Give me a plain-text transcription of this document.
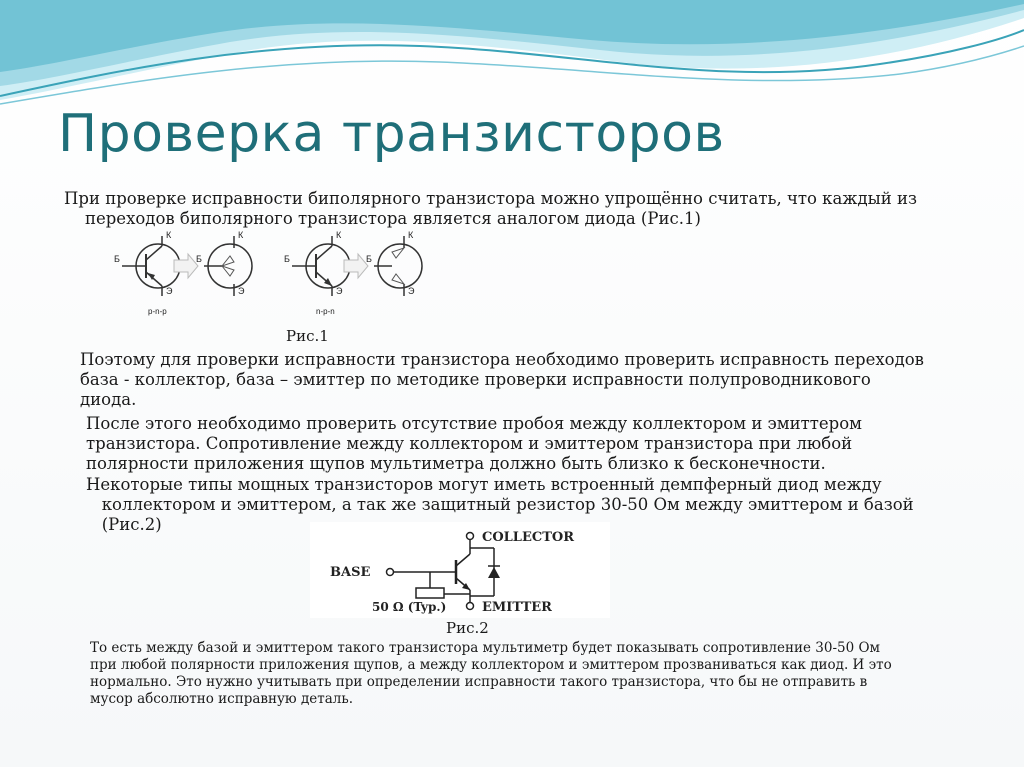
Проверка транзисторов

При проверке исправности биполярного транзистора можно упрощённо считать, что каждый из
переходов биполярного транзистора является аналогом диода (Рис.1)

Б
К
Э
p-n-p
Б
К
Э
Б
К
Э
n-p-n
Б
К
Э

Рис.1

Поэтому для проверки исправности транзистора необходимо проверить исправность переходов
база - коллектор, база – эмиттер по методике проверки исправности полупроводникового
диода.

После этого необходимо проверить отсутствие пробоя между коллектором и эмиттером
транзистора. Сопротивление между коллектором и эмиттером транзистора при любой
полярности приложения щупов мультиметра должно быть близко к бесконечности.

Некоторые типы мощных транзисторов могут иметь встроенный демпферный диод между
коллектором и эмиттером, а так же защитный резистор 30-50 Ом между эмиттером и базой
(Рис.2)

COLLECTOR
BASE
EMITTER
50 Ω (Typ.)

Рис.2

То есть между базой и эмиттером такого транзистора мультиметр будет показывать сопротивление 30-50 Ом
при любой полярности приложения щупов, а между коллектором и эмиттером прозваниваться как диод. И это
нормально. Это нужно учитывать при определении исправности такого транзистора, что бы не отправить в
мусор абсолютно исправную деталь.
